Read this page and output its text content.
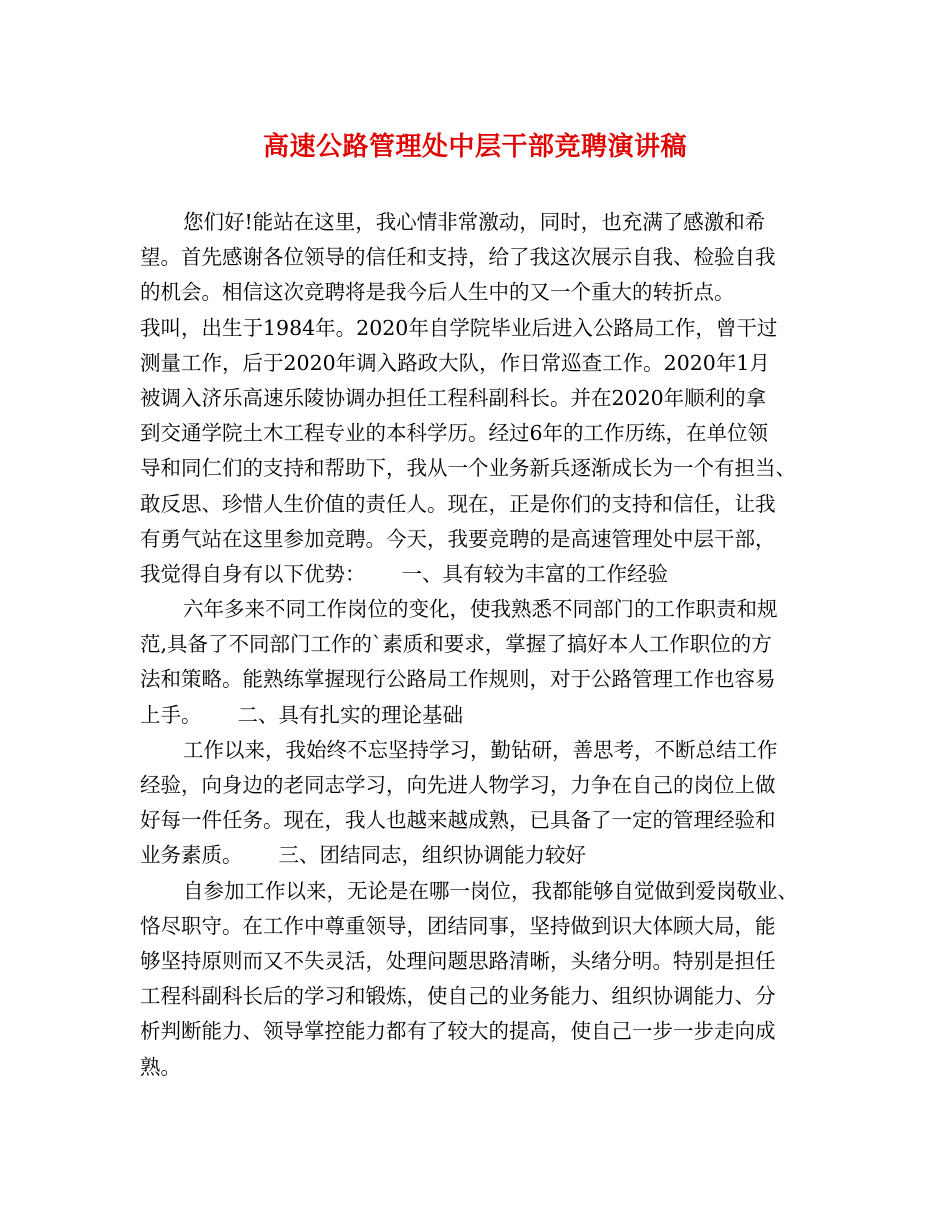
高速公路管理处中层干部竞聘演讲稿
您们好!能站在这里，我心情非常激动，同时，也充满了感激和希
望。首先感谢各位领导的信任和支持，给了我这次展示自我、检验自我
的机会。相信这次竞聘将是我今后人生中的又一个重大的转折点。
我叫，出生于1984年。2020年自学院毕业后进入公路局工作，曾干过
测量工作，后于2020年调入路政大队，作日常巡查工作。2020年1月
被调入济乐高速乐陵协调办担任工程科副科长。并在2020年顺利的拿
到交通学院土木工程专业的本科学历。经过6年的工作历练，在单位领
导和同仁们的支持和帮助下，我从一个业务新兵逐渐成长为一个有担当、
敢反思、珍惜人生价值的责任人。现在，正是你们的支持和信任，让我
有勇气站在这里参加竞聘。今天，我要竞聘的是高速管理处中层干部，
我觉得自身有以下优势： 一、具有较为丰富的工作经验
六年多来不同工作岗位的变化，使我熟悉不同部门的工作职责和规
范,具备了不同部门工作的`素质和要求，掌握了搞好本人工作职位的方
法和策略。能熟练掌握现行公路局工作规则，对于公路管理工作也容易
上手。 二、具有扎实的理论基础
工作以来，我始终不忘坚持学习，勤钻研，善思考，不断总结工作
经验，向身边的老同志学习，向先进人物学习，力争在自己的岗位上做
好每一件任务。现在，我人也越来越成熟，已具备了一定的管理经验和
业务素质。 三、团结同志，组织协调能力较好
自参加工作以来，无论是在哪一岗位，我都能够自觉做到爱岗敬业、
恪尽职守。在工作中尊重领导，团结同事，坚持做到识大体顾大局，能
够坚持原则而又不失灵活，处理问题思路清晰，头绪分明。特别是担任
工程科副科长后的学习和锻炼，使自己的业务能力、组织协调能力、分
析判断能力、领导掌控能力都有了较大的提高，使自己一步一步走向成
熟。
